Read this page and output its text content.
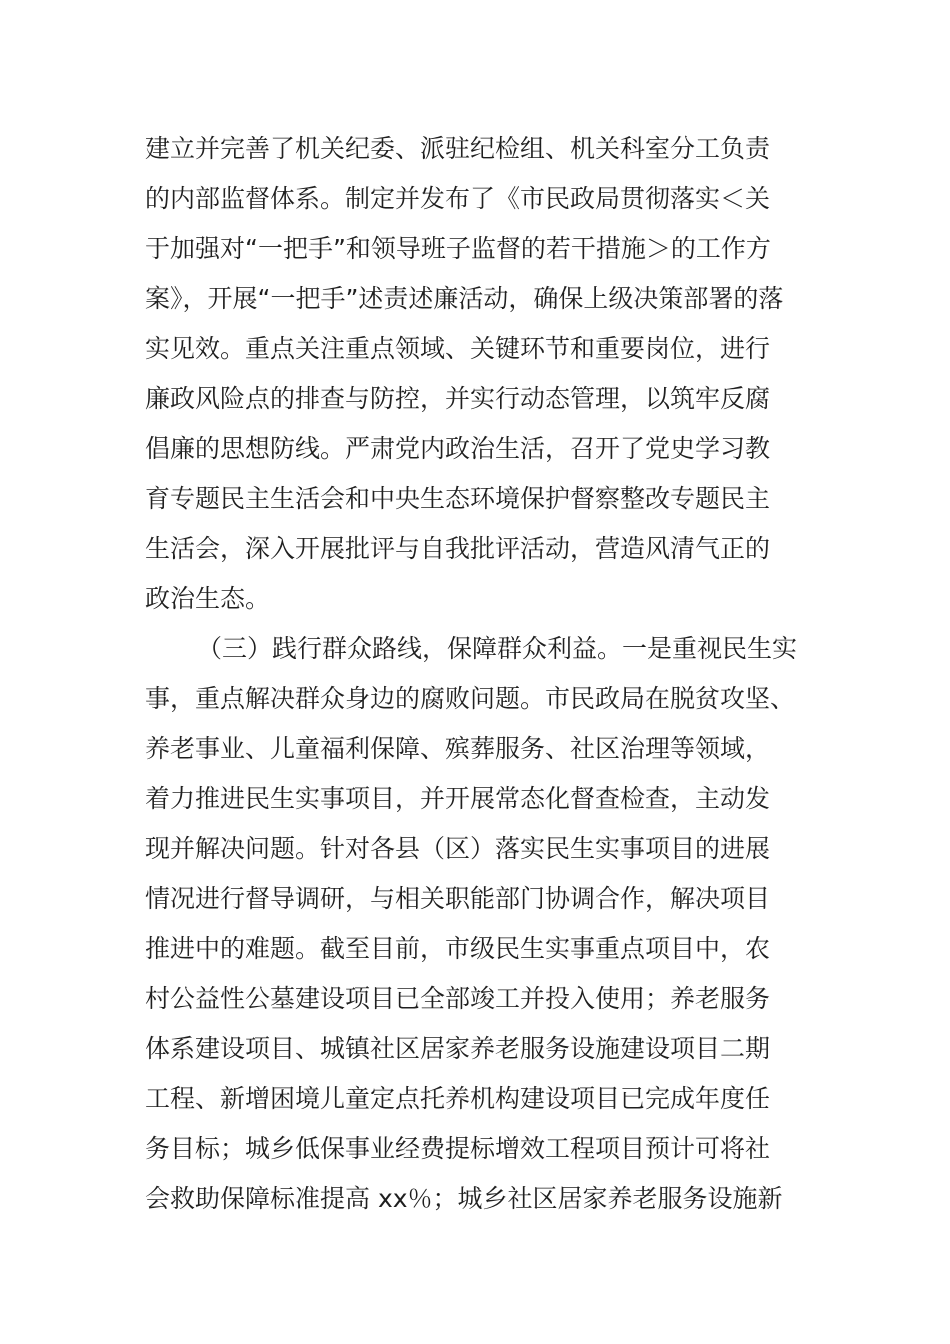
建立并完善了机关纪委、派驻纪检组、机关科室分工负责
的内部监督体系。制定并发布了《市民政局贯彻落实＜关
于加强对“一把手”和领导班子监督的若干措施＞的工作方
案》，开展“一把手”述责述廉活动，确保上级决策部署的落
实见效。重点关注重点领域、关键环节和重要岗位，进行
廉政风险点的排查与防控，并实行动态管理，以筑牢反腐
倡廉的思想防线。严肃党内政治生活，召开了党史学习教
育专题民主生活会和中央生态环境保护督察整改专题民主
生活会，深入开展批评与自我批评活动，营造风清气正的
政治生态。
（三）践行群众路线，保障群众利益。一是重视民生实
事，重点解决群众身边的腐败问题。市民政局在脱贫攻坚、
养老事业、儿童福利保障、殡葬服务、社区治理等领域，
着力推进民生实事项目，并开展常态化督查检查，主动发
现并解决问题。针对各县（区）落实民生实事项目的进展
情况进行督导调研，与相关职能部门协调合作，解决项目
推进中的难题。截至目前，市级民生实事重点项目中，农
村公益性公墓建设项目已全部竣工并投入使用；养老服务
体系建设项目、城镇社区居家养老服务设施建设项目二期
工程、新增困境儿童定点托养机构建设项目已完成年度任
务目标；城乡低保事业经费提标增效工程项目预计可将社
会救助保障标准提高 xx％；城乡社区居家养老服务设施新
